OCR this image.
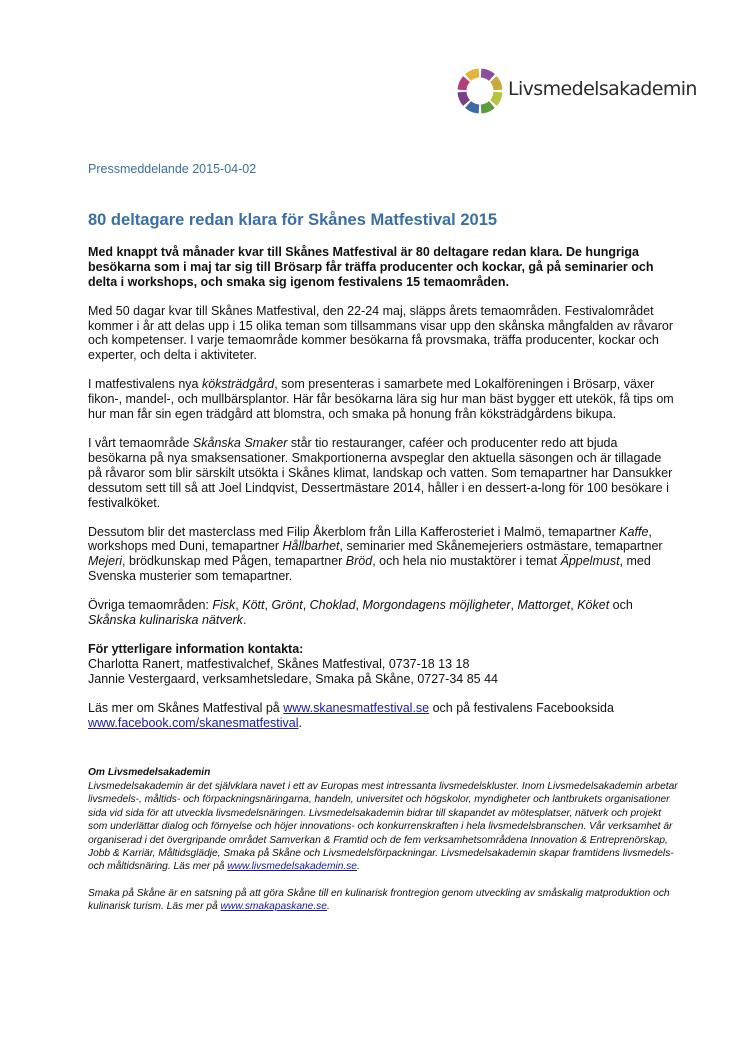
Livsmedelsakademin

Pressmeddelande 2015-04-02

80 deltagare redan klara för Skånes Matfestival 2015

Med knappt två månader kvar till Skånes Matfestival är 80 deltagare redan klara. De hungriga besökarna som i maj tar sig till Brösarp får träffa producenter och kockar, gå på seminarier och delta i workshops, och smaka sig igenom festivalens 15 temaområden.

Med 50 dagar kvar till Skånes Matfestival, den 22-24 maj, släpps årets temaområden. Festivalområdet kommer i år att delas upp i 15 olika teman som tillsammans visar upp den skånska mångfalden av råvaror och kompetenser. I varje temaområde kommer besökarna få provsmaka, träffa producenter, kockar och experter, och delta i aktiviteter.

I matfestivalens nya köksträdgård, som presenteras i samarbete med Lokalföreningen i Brösarp, växer fikon-, mandel-, och mullbärsplantor. Här får besökarna lära sig hur man bäst bygger ett utekök, få tips om hur man får sin egen trädgård att blomstra, och smaka på honung från köksträdgårdens bikupa.

I vårt temaområde Skånska Smaker står tio restauranger, caféer och producenter redo att bjuda besökarna på nya smaksensationer. Smakportionerna avspeglar den aktuella säsongen och är tillagade på råvaror som blir särskilt utsökta i Skånes klimat, landskap och vatten. Som temapartner har Dansukker dessutom sett till så att Joel Lindqvist, Dessertmästare 2014, håller i en dessert-a-long för 100 besökare i festivalköket.

Dessutom blir det masterclass med Filip Åkerblom från Lilla Kafferosteriet i Malmö, temapartner Kaffe, workshops med Duni, temapartner Hållbarhet, seminarier med Skånemejeriers ostmästare, temapartner Mejeri, brödkunskap med Pågen, temapartner Bröd, och hela nio mustaktörer i temat Äppelmust, med Svenska musterier som temapartner.

Övriga temaområden: Fisk, Kött, Grönt, Choklad, Morgondagens möjligheter, Mattorget, Köket och Skånska kulinariska nätverk.

För ytterligare information kontakta:
Charlotta Ranert, matfestivalchef, Skånes Matfestival, 0737-18 13 18
Jannie Vestergaard, verksamhetsledare, Smaka på Skåne, 0727-34 85 44

Läs mer om Skånes Matfestival på www.skanesmatfestival.se och på festivalens Facebooksida
www.facebook.com/skanesmatfestival.

Om Livsmedelsakademin
Livsmedelsakademin är det självklara navet i ett av Europas mest intressanta livsmedelskluster. Inom Livsmedelsakademin arbetar livsmedels-, måltids- och förpackningsnäringarna, handeln, universitet och högskolor, myndigheter och lantbrukets organisationer sida vid sida för att utveckla livsmedelsnäringen. Livsmedelsakademin bidrar till skapandet av mötesplatser, nätverk och projekt som underlättar dialog och förnyelse och höjer innovations- och konkurrenskraften i hela livsmedelsbranschen. Vår verksamhet är organiserad i det övergripande området Samverkan & Framtid och de fem verksamhetsområdena Innovation & Entreprenörskap, Jobb & Karriär, Måltidsglädje, Smaka på Skåne och Livsmedelsförpackningar. Livsmedelsakademin skapar framtidens livsmedels- och måltidsnäring. Läs mer på www.livsmedelsakademin.se.

Smaka på Skåne är en satsning på att göra Skåne till en kulinarisk frontregion genom utveckling av småskalig matproduktion och kulinarisk turism. Läs mer på www.smakapaskane.se.
